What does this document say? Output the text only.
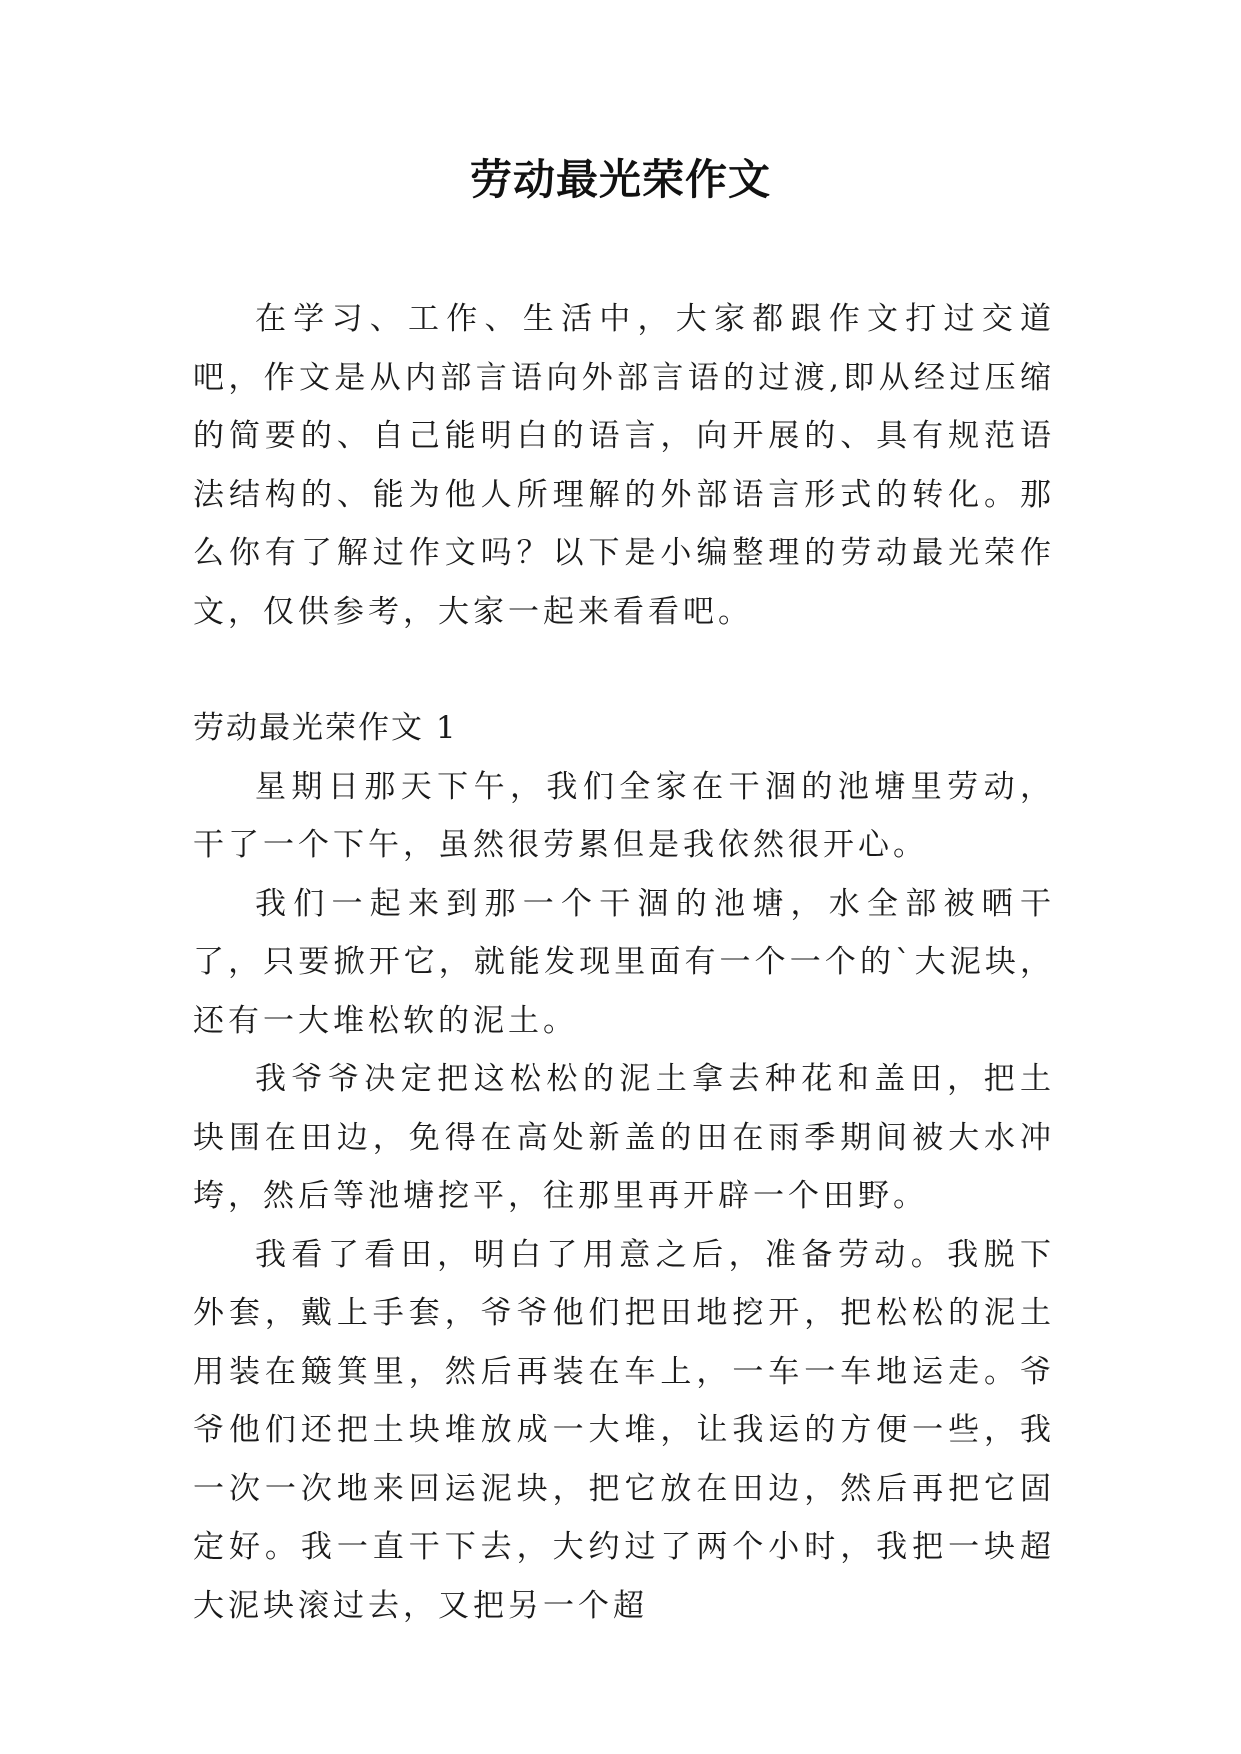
劳动最光荣作文

在学习、工作、生活中，大家都跟作文打过交道吧，作文是从内部言语向外部言语的过渡,即从经过压缩的简要的、自己能明白的语言，向开展的、具有规范语法结构的、能为他人所理解的外部语言形式的转化。那么你有了解过作文吗？以下是小编整理的劳动最光荣作文，仅供参考，大家一起来看看吧。

劳动最光荣作文 1

星期日那天下午，我们全家在干涸的池塘里劳动，干了一个下午，虽然很劳累但是我依然很开心。

我们一起来到那一个干涸的池塘，水全部被晒干了，只要掀开它，就能发现里面有一个一个的`大泥块，还有一大堆松软的泥土。

我爷爷决定把这松松的泥土拿去种花和盖田，把土块围在田边，免得在高处新盖的田在雨季期间被大水冲垮，然后等池塘挖平，往那里再开辟一个田野。

我看了看田，明白了用意之后，准备劳动。我脱下外套，戴上手套，爷爷他们把田地挖开，把松松的泥土用装在簸箕里，然后再装在车上，一车一车地运走。爷爷他们还把土块堆放成一大堆，让我运的方便一些，我一次一次地来回运泥块，把它放在田边，然后再把它固定好。我一直干下去，大约过了两个小时，我把一块超大泥块滚过去，又把另一个超
